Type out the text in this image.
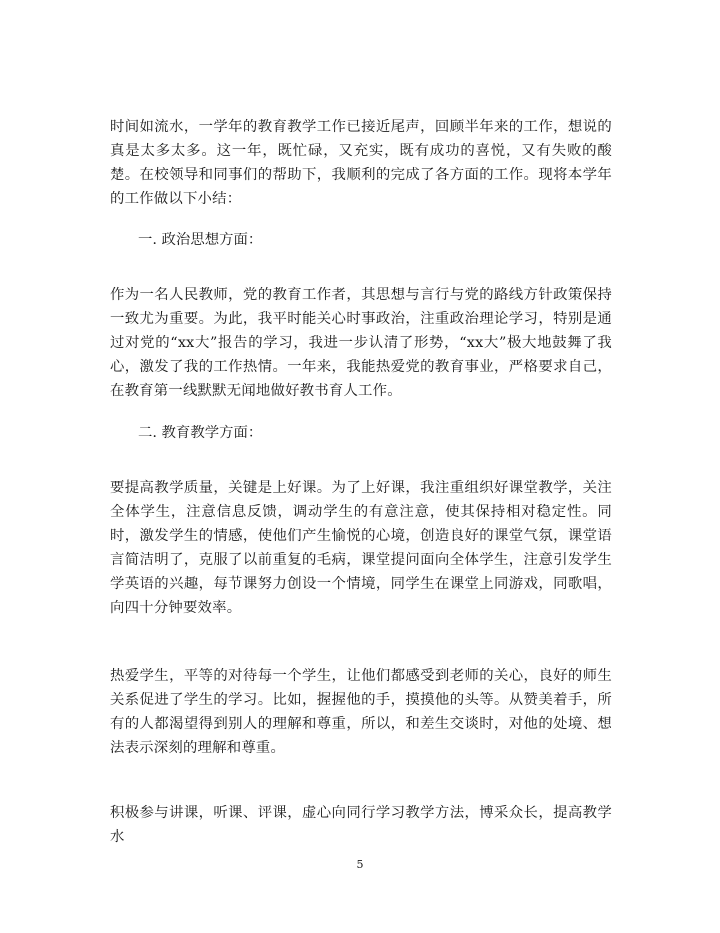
时间如流水，一学年的教育教学工作已接近尾声，回顾半年来的工作，想说的真是太多太多。这一年，既忙碌，又充实，既有成功的喜悦，又有失败的酸楚。在校领导和同事们的帮助下，我顺利的完成了各方面的工作。现将本学年的工作做以下小结：
一. 政治思想方面：
作为一名人民教师，党的教育工作者，其思想与言行与党的路线方针政策保持一致尤为重要。为此，我平时能关心时事政治，注重政治理论学习，特别是通过对党的“xx大”报告的学习，我进一步认清了形势，“xx大”极大地鼓舞了我心，激发了我的工作热情。一年来，我能热爱党的教育事业，严格要求自己，在教育第一线默默无闻地做好教书育人工作。
二. 教育教学方面：
要提高教学质量，关键是上好课。为了上好课，我注重组织好课堂教学，关注全体学生，注意信息反馈，调动学生的有意注意，使其保持相对稳定性。同时，激发学生的情感，使他们产生愉悦的心境，创造良好的课堂气氛，课堂语言简洁明了，克服了以前重复的毛病，课堂提问面向全体学生，注意引发学生学英语的兴趣，每节课努力创设一个情境，同学生在课堂上同游戏，同歌唱，向四十分钟要效率。
热爱学生，平等的对待每一个学生，让他们都感受到老师的关心，良好的师生关系促进了学生的学习。比如，握握他的手，摸摸他的头等。从赞美着手，所有的人都渴望得到别人的理解和尊重，所以，和差生交谈时，对他的处境、想法表示深刻的理解和尊重。
积极参与讲课，听课、评课，虚心向同行学习教学方法，博采众长，提高教学水
5
